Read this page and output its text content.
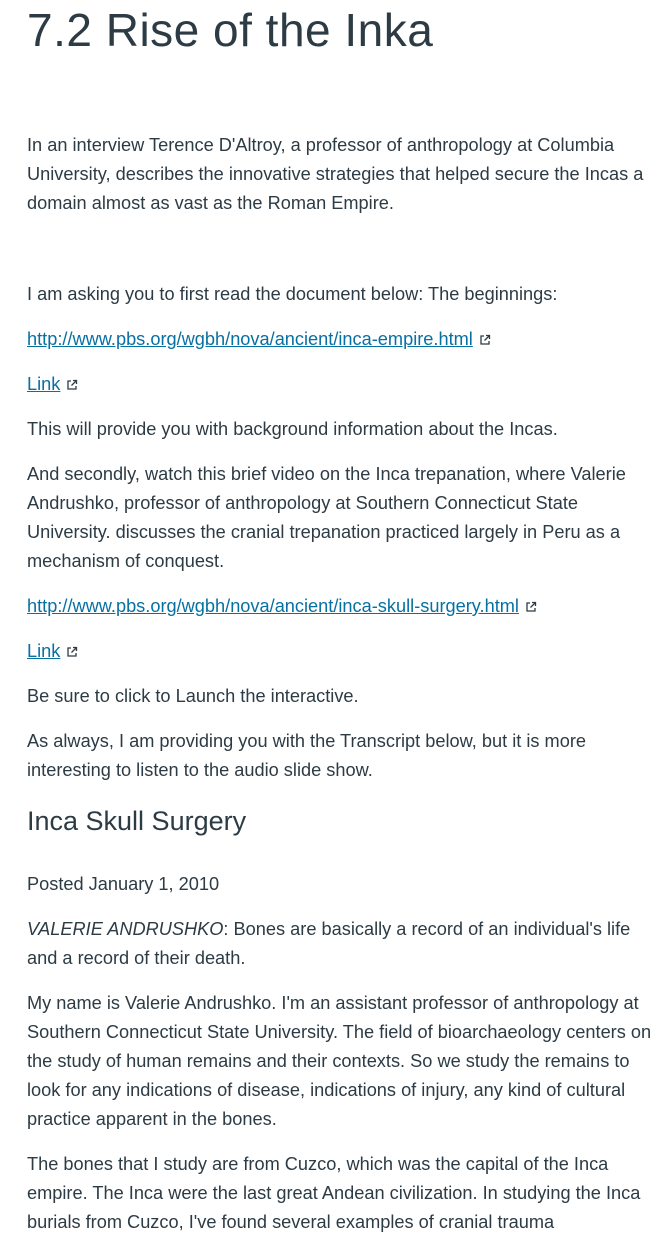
7.2 Rise of the Inka

In an interview Terence D'Altroy, a professor of anthropology at Columbia University, describes the innovative strategies that helped secure the Incas a domain almost as vast as the Roman Empire.

I am asking you to first read the document below: The beginnings:

http://www.pbs.org/wgbh/nova/ancient/inca-empire.html

Link

This will provide you with background information about the Incas.

And secondly, watch this brief video on the Inca trepanation, where Valerie Andrushko, professor of anthropology at Southern Connecticut State University. discusses the cranial trepanation practiced largely in Peru as a mechanism of conquest.

http://www.pbs.org/wgbh/nova/ancient/inca-skull-surgery.html

Link

Be sure to click to Launch the interactive.

As always, I am providing you with the Transcript below, but it is more interesting to listen to the audio slide show.

Inca Skull Surgery

Posted January 1, 2010

VALERIE ANDRUSHKO: Bones are basically a record of an individual's life and a record of their death.

My name is Valerie Andrushko. I'm an assistant professor of anthropology at Southern Connecticut State University. The field of bioarchaeology centers on the study of human remains and their contexts. So we study the remains to look for any indications of disease, indications of injury, any kind of cultural practice apparent in the bones.

The bones that I study are from Cuzco, which was the capital of the Inca empire. The Inca were the last great Andean civilization. In studying the Inca burials from Cuzco, I've found several examples of cranial trauma
